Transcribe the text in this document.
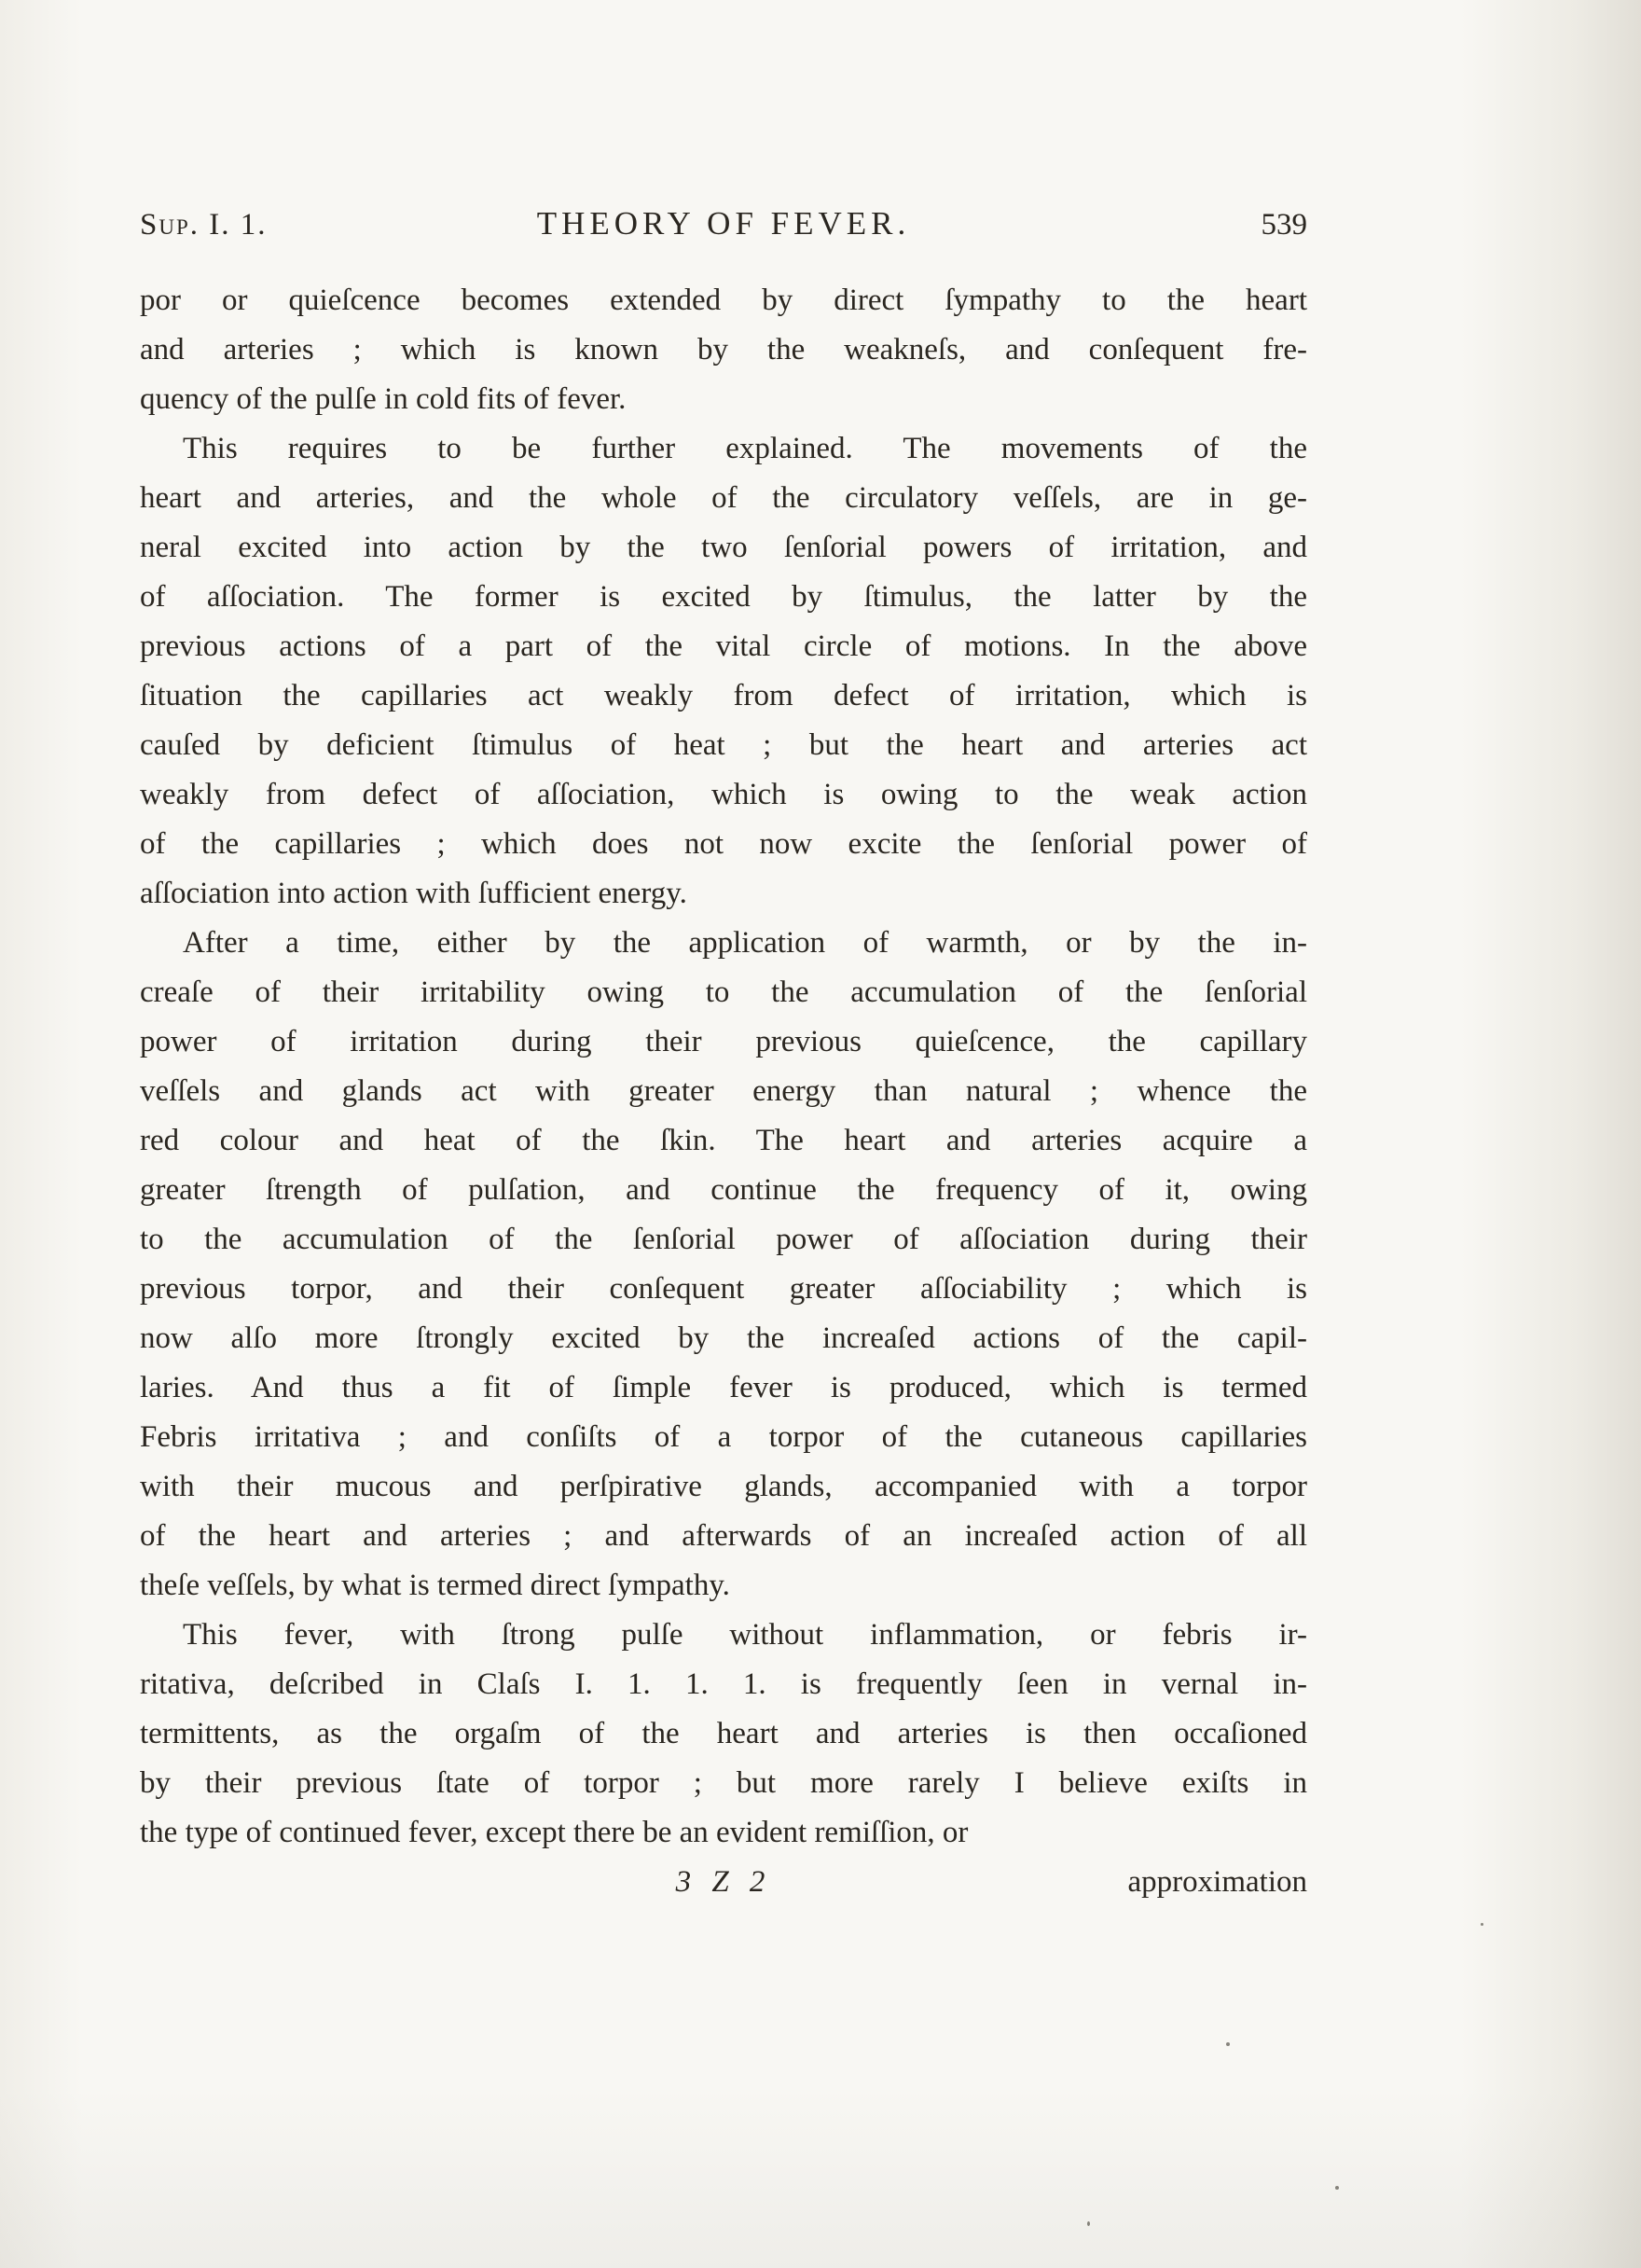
Sup. I. 1.	THEORY OF FEVER.	539
por or quieſcence becomes extended by direct ſympathy to the heart
and arteries ; which is known by the weakneſs, and conſequent fre-
quency of the pulſe in cold fits of fever.
This requires to be further explained. The movements of the
heart and arteries, and the whole of the circulatory veſſels, are in ge-
neral excited into action by the two ſenſorial powers of irritation, and
of aſſociation. The former is excited by ſtimulus, the latter by the
previous actions of a part of the vital circle of motions. In the above
ſituation the capillaries act weakly from defect of irritation, which is
cauſed by deficient ſtimulus of heat ; but the heart and arteries act
weakly from defect of aſſociation, which is owing to the weak action
of the capillaries ; which does not now excite the ſenſorial power of
aſſociation into action with ſufficient energy.
After a time, either by the application of warmth, or by the in-
creaſe of their irritability owing to the accumulation of the ſenſorial
power of irritation during their previous quieſcence, the capillary
veſſels and glands act with greater energy than natural ; whence the
red colour and heat of the ſkin. The heart and arteries acquire a
greater ſtrength of pulſation, and continue the frequency of it, owing
to the accumulation of the ſenſorial power of aſſociation during their
previous torpor, and their conſequent greater aſſociability ; which is
now alſo more ſtrongly excited by the increaſed actions of the capil-
laries. And thus a fit of ſimple fever is produced, which is termed
Febris irritativa ; and conſiſts of a torpor of the cutaneous capillaries
with their mucous and perſpirative glands, accompanied with a torpor
of the heart and arteries ; and afterwards of an increaſed action of all
theſe veſſels, by what is termed direct ſympathy.
This fever, with ſtrong pulſe without inflammation, or febris ir-
ritativa, deſcribed in Claſs I. 1. 1. 1. is frequently ſeen in vernal in-
termittents, as the orgaſm of the heart and arteries is then occaſioned
by their previous ſtate of torpor ; but more rarely I believe exiſts in
the type of continued fever, except there be an evident remiſſion, or
3 Z 2	approximation
